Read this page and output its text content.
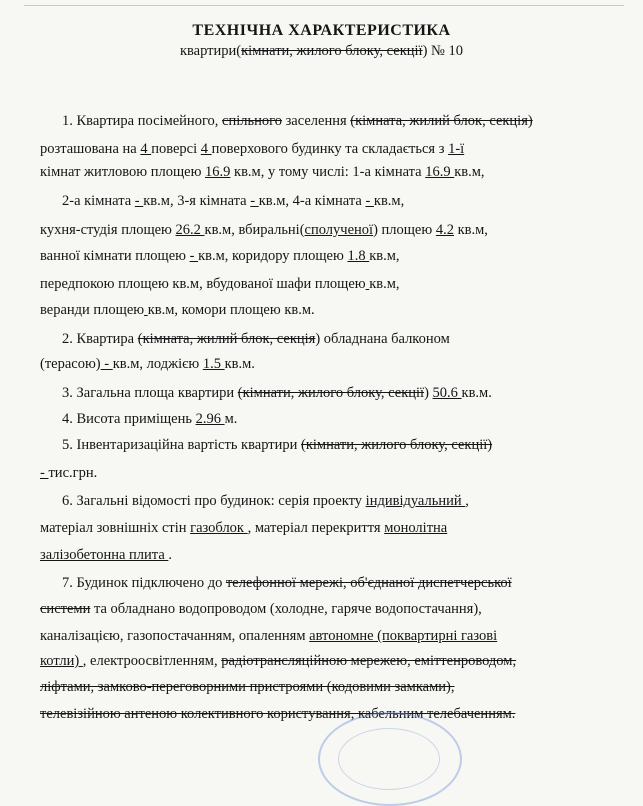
ТЕХНІЧНА ХАРАКТЕРИСТИКА
квартири(кімнати, жилого блоку, секції) № 10
1. Квартира посімейного, спільного заселення (кімната, жилий блок, секція)
розташована на 4 поверсі 4 поверхового будинку та складається з 1-ї
кімнат житловою площею 16.9 кв.м, у тому числі: 1-а кімната 16.9 кв.м,
2-а кімната - кв.м, 3-я кімната - кв.м, 4-а кімната - кв.м,
кухня-студія площею 26.2 кв.м, вбиральні(сполученої) площею 4.2 кв.м,
ванної кімнати площею - кв.м, коридору площею 1.8 кв.м,
передпокою площею кв.м, вбудованої шафи площею кв.м,
веранди площею кв.м, комори площею кв.м.
2. Квартира (кімната, жилий блок, секція) обладнана балконом
(терасою) - кв.м, лоджією 1.5 кв.м.
3. Загальна площа квартири (кімнати, жилого блоку, секції) 50.6 кв.м.
4. Висота приміщень 2.96 м.
5. Інвентаризаційна вартість квартири (кімнати, жилого блоку, секції)
- тис.грн.
6. Загальні відомості про будинок: серія проекту індивідуальний ,
матеріал зовнішніх стін газоблок , матеріал перекриття монолітна
залізобетонна плита .
7. Будинок підключено до телефонної мережі, об'єднаної диспетчерської
системи та обладнано водопроводом (холодне, гаряче водопостачання),
каналізацією, газопостачанням, опаленням автономне (поквартирні газові
котли) , електроосвітленням, радіотрансляційною мережею, еміттенроводом,
ліфтами, замково-переговорними пристроями (кодовими замками),
телевізійною антеною колективного користування, кабельним телебаченням.
